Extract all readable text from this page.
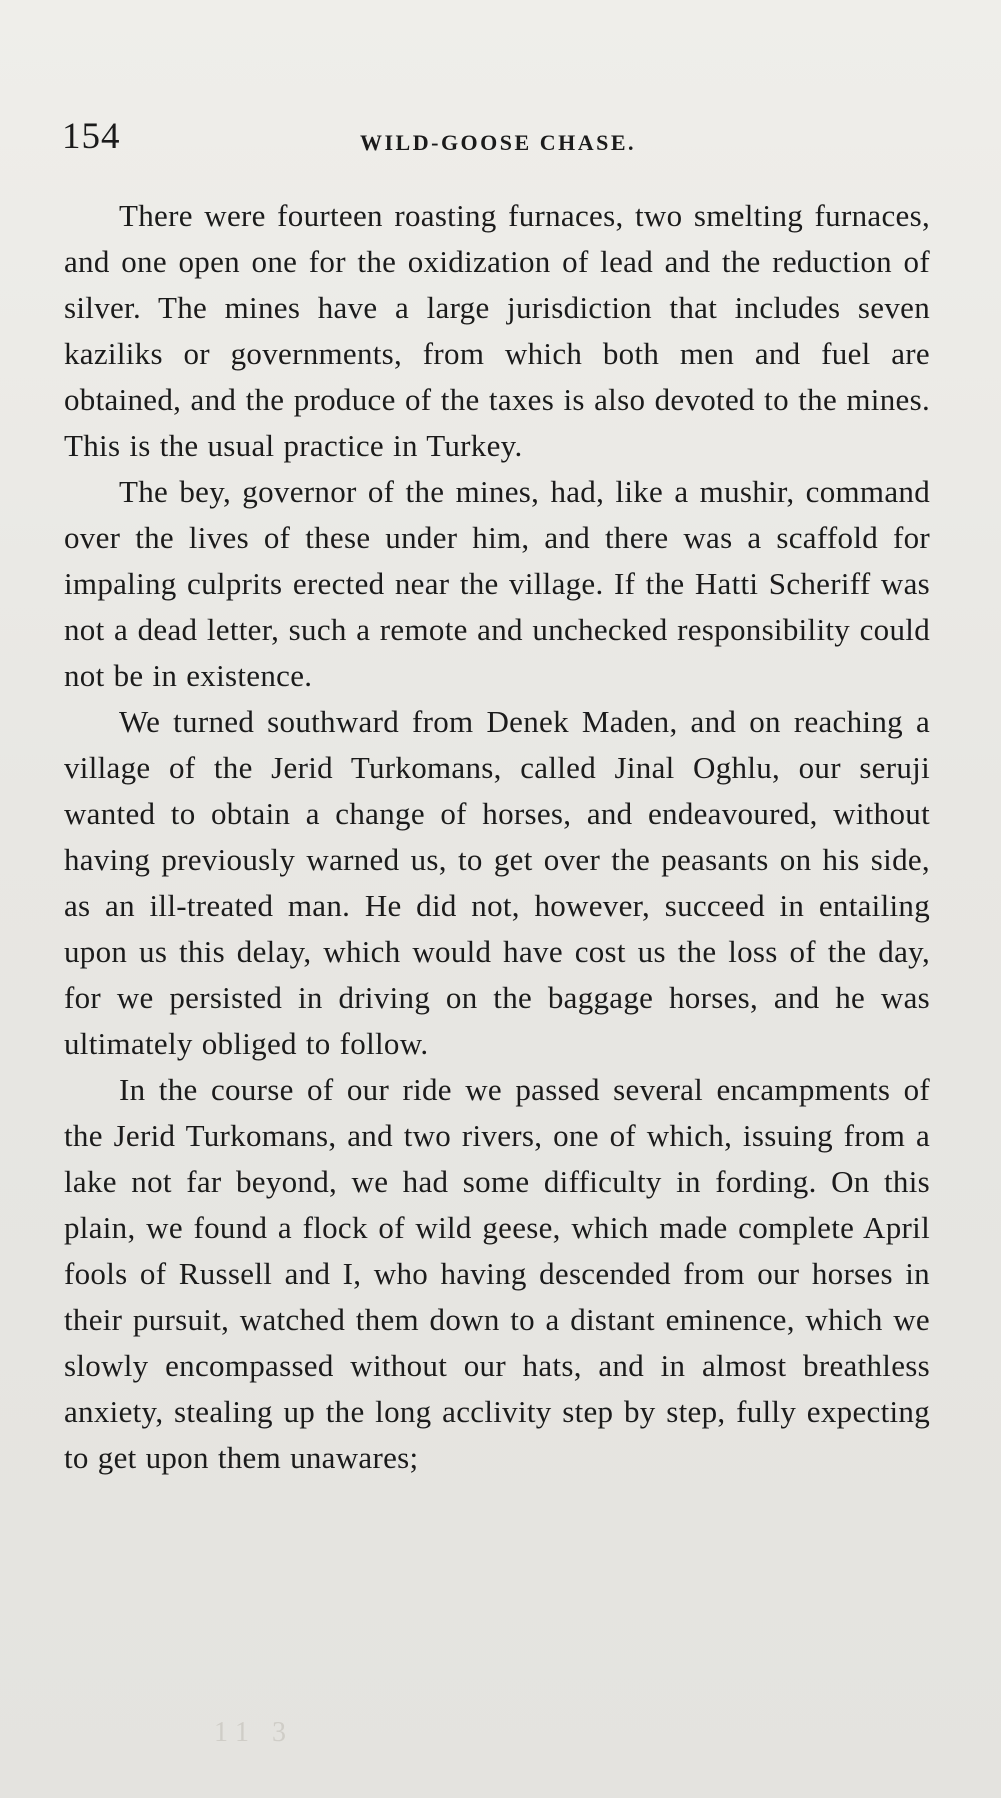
154	WILD-GOOSE CHASE.

There were fourteen roasting furnaces, two smelting furnaces, and one open one for the oxidization of lead and the reduction of silver. The mines have a large jurisdiction that includes seven kaziliks or governments, from which both men and fuel are obtained, and the produce of the taxes is also devoted to the mines. This is the usual practice in Turkey.

The bey, governor of the mines, had, like a mushir, command over the lives of these under him, and there was a scaffold for impaling culprits erected near the village. If the Hatti Scheriff was not a dead letter, such a remote and unchecked responsibility could not be in existence.

We turned southward from Denek Maden, and on reaching a village of the Jerid Turkomans, called Jinal Oghlu, our seruji wanted to obtain a change of horses, and endeavoured, without having previously warned us, to get over the peasants on his side, as an ill-treated man. He did not, however, succeed in entailing upon us this delay, which would have cost us the loss of the day, for we persisted in driving on the baggage horses, and he was ultimately obliged to follow.

In the course of our ride we passed several encampments of the Jerid Turkomans, and two rivers, one of which, issuing from a lake not far beyond, we had some difficulty in fording. On this plain, we found a flock of wild geese, which made complete April fools of Russell and I, who having descended from our horses in their pursuit, watched them down to a distant eminence, which we slowly encompassed without our hats, and in almost breathless anxiety, stealing up the long acclivity step by step, fully expecting to get upon them unawares;

11 3
